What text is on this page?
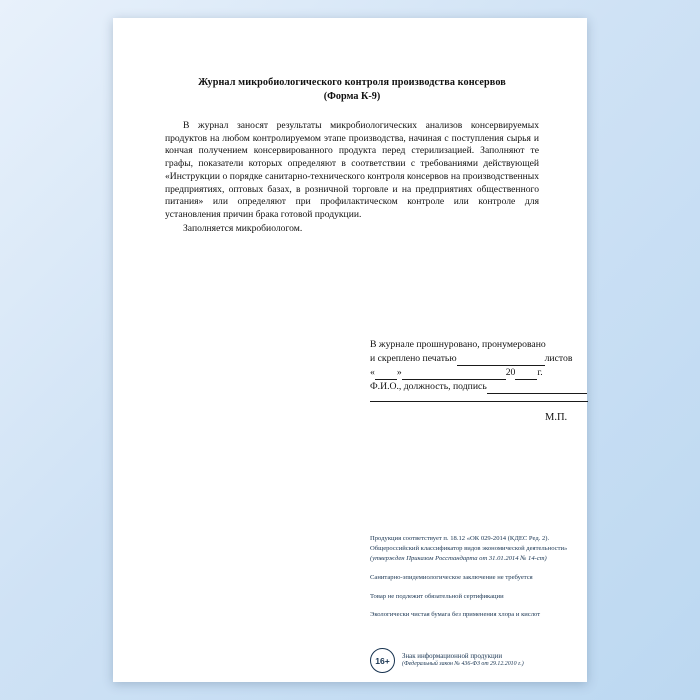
Журнал микробиологического контроля производства консервов
(Форма К-9)

В журнал заносят результаты микробиологических анализов консервируемых продуктов на любом контролируемом этапе производства, начиная с поступления сырья и кончая получением консервированного продукта перед стерилизацией. Заполняют те графы, показатели которых определяют в соответствии с требованиями действующей «Инструкции о порядке санитарно-технического контроля консервов на производственных предприятиях, оптовых базах, в розничной торговле и на предприятиях общественного питания» или определяют при профилактическом контроле или контроле для установления причин брака готовой продукции.

Заполняется микробиологом.

В журнале прошнуровано, пронумеровано
и скреплено печатью	листов
« »	20 г.
Ф.И.О., должность, подпись
М.П.
Продукция соответствует п. 18.12 «ОК 029-2014 (КДЕС Ред. 2).
Общероссийский классификатор видов экономической деятельности»
(утвержден Приказом Росстандарта от 31.01.2014 № 14-ст)
Санитарно-эпидемиологическое заключение не требуется
Товар не подлежит обязательной сертификации
Экологически чистая бумага без применения хлора и кислот
16+	Знак информационной продукции
(Федеральный закон № 436-ФЗ от 29.12.2010 г.)
